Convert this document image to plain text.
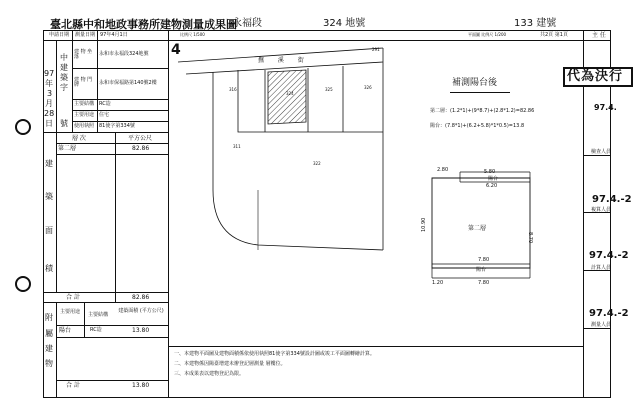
臺北縣中和地政事務所建物測量成果圖
永福段	324 地號	133 建號
申請日期 測量日期 97年4月1日
97
年
3
月
28
日
中
建
築
字
號
建 物 坐 落	永和市永福段324地號
建 物 門 牌	永和市保福路第140號2樓
主要結構 RC造
主要用途 住宅
使用執照 81使字第334號
層 次	平方公尺
第二層	82.86
建
築
面
積
合 計	82.86
主要用途 主要結構
建築面積 (平方公尺)
陽台	RC造	13.80
附
屬
建
物
合 計	13.80
比例尺 1/500
4
撫 溪 街
316
324
325	326
311
322
291
平面圖 比例尺 1/200	共2頁 第1頁
補測陽台後
第二層：(1.2*1)+(9*8.7)+(2.8*1.2)=82.86
陽台：(7.8*1)+(6.2+5.8)*1*0.5)=13.8
2.80	5.80
陽台
6.20
10.90
8.70
第二層
7.80
陽台
1.20	7.80
一、本建物平面圖及建物面積係依使用執照81使字第334號設計圖或竣工平面圖轉繪計算。
二、本建物係因陽臺增建未辦登記層測量 層樓位。
三、本成果表以建物登記為限。
主 任
代為決行
97.4.
檢查人員
97.4.-2
複算人員
97.4.-2
計算人員
97.4.-2
測量人員
